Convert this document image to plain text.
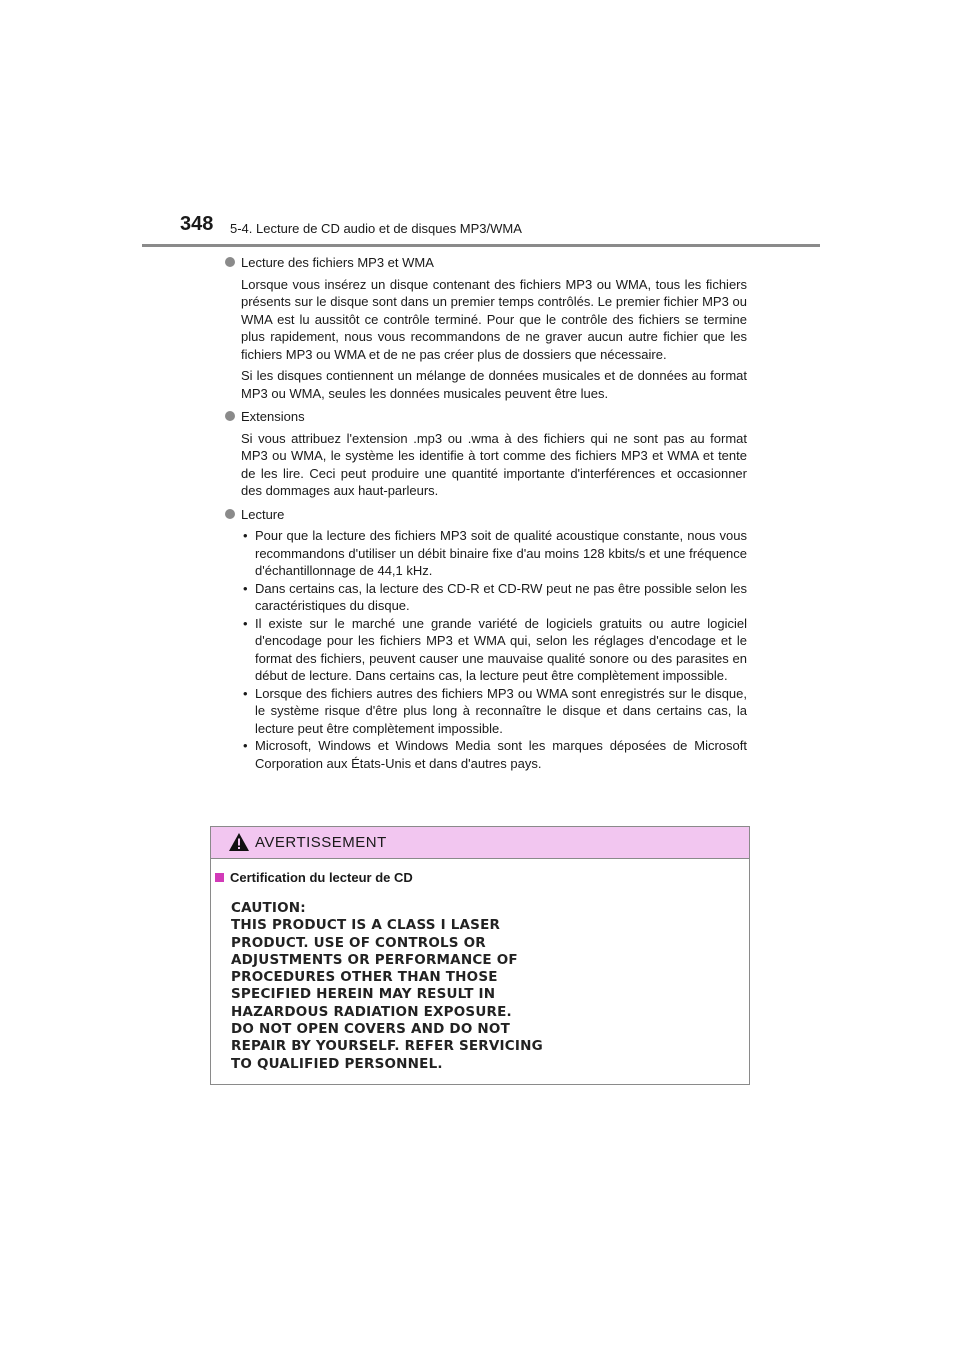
348 5-4. Lecture de CD audio et de disques MP3/WMA

Lecture des fichiers MP3 et WMA

Lorsque vous insérez un disque contenant des fichiers MP3 ou WMA, tous les fichiers présents sur le disque sont dans un premier temps contrôlés. Le premier fichier MP3 ou WMA est lu aussitôt ce contrôle terminé. Pour que le contrôle des fichiers se termine plus rapidement, nous vous recommandons de ne graver aucun autre fichier que les fichiers MP3 ou WMA et de ne pas créer plus de dossiers que nécessaire.

Si les disques contiennent un mélange de données musicales et de données au format MP3 ou WMA, seules les données musicales peuvent être lues.

Extensions

Si vous attribuez l'extension .mp3 ou .wma à des fichiers qui ne sont pas au format MP3 ou WMA, le système les identifie à tort comme des fichiers MP3 et WMA et tente de les lire. Ceci peut produire une quantité importante d'interférences et occasionner des dommages aux haut-parleurs.

Lecture

• Pour que la lecture des fichiers MP3 soit de qualité acoustique constante, nous vous recommandons d'utiliser un débit binaire fixe d'au moins 128 kbits/s et une fréquence d'échantillonnage de 44,1 kHz.
• Dans certains cas, la lecture des CD-R et CD-RW peut ne pas être possible selon les caractéristiques du disque.
• Il existe sur le marché une grande variété de logiciels gratuits ou autre logiciel d'encodage pour les fichiers MP3 et WMA qui, selon les réglages d'encodage et le format des fichiers, peuvent causer une mauvaise qualité sonore ou des parasites en début de lecture. Dans certains cas, la lecture peut être complètement impossible.
• Lorsque des fichiers autres des fichiers MP3 ou WMA sont enregistrés sur le disque, le système risque d'être plus long à reconnaître le disque et dans certains cas, la lecture peut être complètement impossible.
• Microsoft, Windows et Windows Media sont les marques déposées de Microsoft Corporation aux États-Unis et dans d'autres pays.
AVERTISSEMENT
Certification du lecteur de CD
CAUTION:
THIS PRODUCT IS A CLASS I LASER
PRODUCT. USE OF CONTROLS OR
ADJUSTMENTS OR PERFORMANCE OF
PROCEDURES OTHER THAN THOSE
SPECIFIED HEREIN MAY RESULT IN
HAZARDOUS RADIATION EXPOSURE.
DO NOT OPEN COVERS AND DO NOT
REPAIR BY YOURSELF. REFER SERVICING
TO QUALIFIED PERSONNEL.
